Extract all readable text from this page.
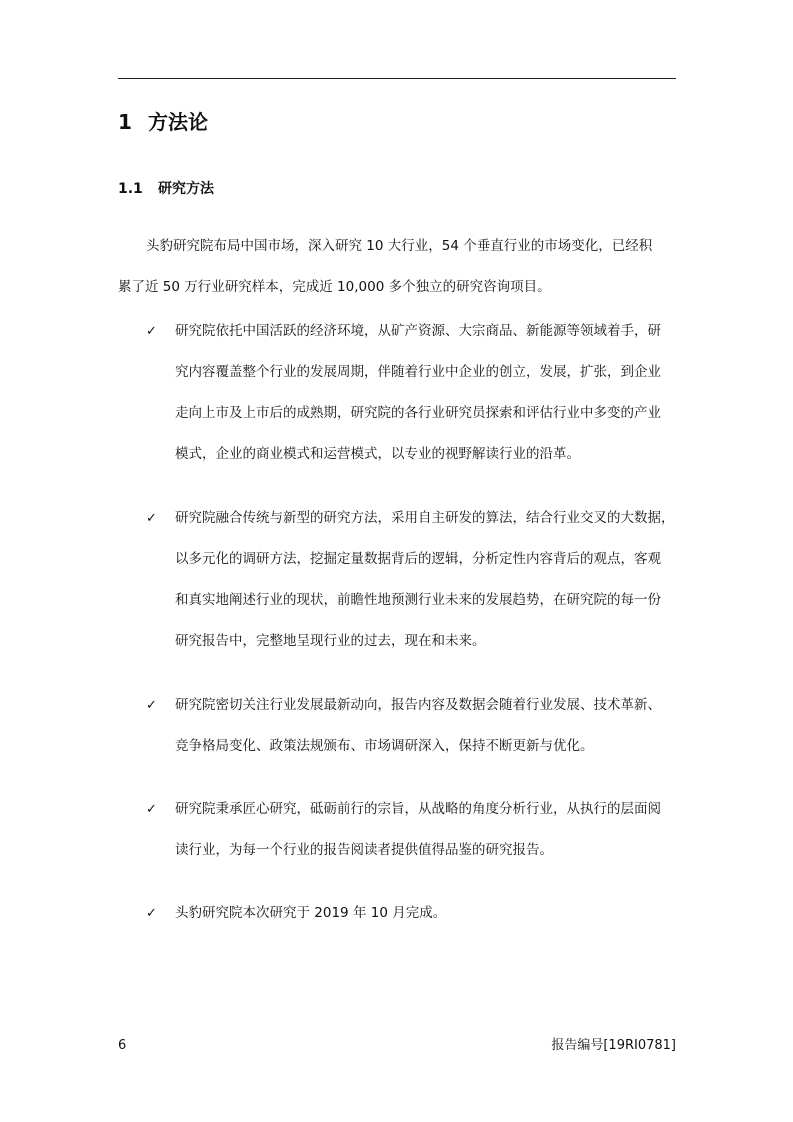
1 方法论
1.1 研究方法

头豹研究院布局中国市场，深入研究 10 大行业，54 个垂直行业的市场变化，已经积
累了近 50 万行业研究样本，完成近 10,000 多个独立的研究咨询项目。

✓	研究院依托中国活跃的经济环境，从矿产资源、大宗商品、新能源等领域着手，研
究内容覆盖整个行业的发展周期，伴随着行业中企业的创立，发展，扩张，到企业
走向上市及上市后的成熟期，研究院的各行业研究员探索和评估行业中多变的产业
模式，企业的商业模式和运营模式，以专业的视野解读行业的沿革。
✓	研究院融合传统与新型的研究方法，采用自主研发的算法，结合行业交叉的大数据，
以多元化的调研方法，挖掘定量数据背后的逻辑，分析定性内容背后的观点，客观
和真实地阐述行业的现状，前瞻性地预测行业未来的发展趋势，在研究院的每一份
研究报告中，完整地呈现行业的过去，现在和未来。
✓	研究院密切关注行业发展最新动向，报告内容及数据会随着行业发展、技术革新、
竞争格局变化、政策法规颁布、市场调研深入，保持不断更新与优化。
✓	研究院秉承匠心研究，砥砺前行的宗旨，从战略的角度分析行业，从执行的层面阅
读行业，为每一个行业的报告阅读者提供值得品鉴的研究报告。
✓	头豹研究院本次研究于 2019 年 10 月完成。
6	报告编号[19RI0781]
